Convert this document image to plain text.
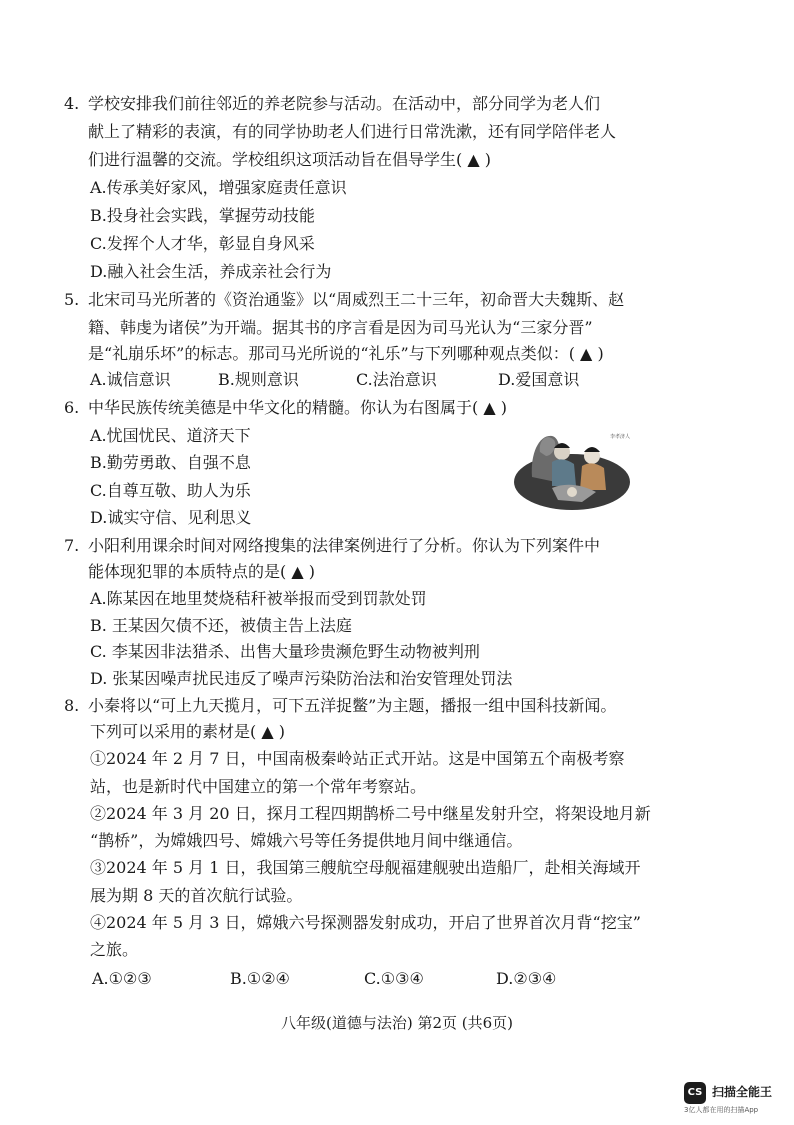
4. 学校安排我们前往邻近的养老院参与活动。在活动中，部分同学为老人们
献上了精彩的表演，有的同学协助老人们进行日常洗漱，还有同学陪伴老人
们进行温馨的交流。学校组织这项活动旨在倡导学生( ▲ )
A.传承美好家风，增强家庭责任意识
B.投身社会实践，掌握劳动技能
C.发挥个人才华，彰显自身风采
D.融入社会生活，养成亲社会行为
5. 北宋司马光所著的《资治通鉴》以“周威烈王二十三年，初命晋大夫魏斯、赵
籍、韩虔为诸侯”为开端。据其书的序言看是因为司马光认为“三家分晋”
是“礼崩乐坏”的标志。那司马光所说的“礼乐”与下列哪种观点类似：( ▲ )
A.诚信意识	B.规则意识	C.法治意识	D.爱国意识
6. 中华民族传统美德是中华文化的精髓。你认为右图属于( ▲ )
A.忧国忧民、道济天下
B.勤劳勇敢、自强不息
C.自尊互敬、助人为乐
D.诚实守信、见利思义
李孝济人
7. 小阳利用课余时间对网络搜集的法律案例进行了分析。你认为下列案件中
能体现犯罪的本质特点的是( ▲ )
A.陈某因在地里焚烧秸秆被举报而受到罚款处罚
B. 王某因欠债不还，被债主告上法庭
C. 李某因非法猎杀、出售大量珍贵濒危野生动物被判刑
D. 张某因噪声扰民违反了噪声污染防治法和治安管理处罚法
8. 小秦将以“可上九天揽月，可下五洋捉鳖”为主题，播报一组中国科技新闻。
下列可以采用的素材是( ▲ )
①2024 年 2 月 7 日，中国南极秦岭站正式开站。这是中国第五个南极考察
站，也是新时代中国建立的第一个常年考察站。
②2024 年 3 月 20 日，探月工程四期鹊桥二号中继星发射升空，将架设地月新
“鹊桥”，为嫦娥四号、嫦娥六号等任务提供地月间中继通信。
③2024 年 5 月 1 日，我国第三艘航空母舰福建舰驶出造船厂，赴相关海域开
展为期 8 天的首次航行试验。
④2024 年 5 月 3 日，嫦娥六号探测器发射成功，开启了世界首次月背“挖宝”
之旅。
A.①②③	B.①②④	C.①③④	D.②③④
八年级(道德与法治) 第2页 (共6页)
CS 扫描全能王
3亿人都在用的扫描App
